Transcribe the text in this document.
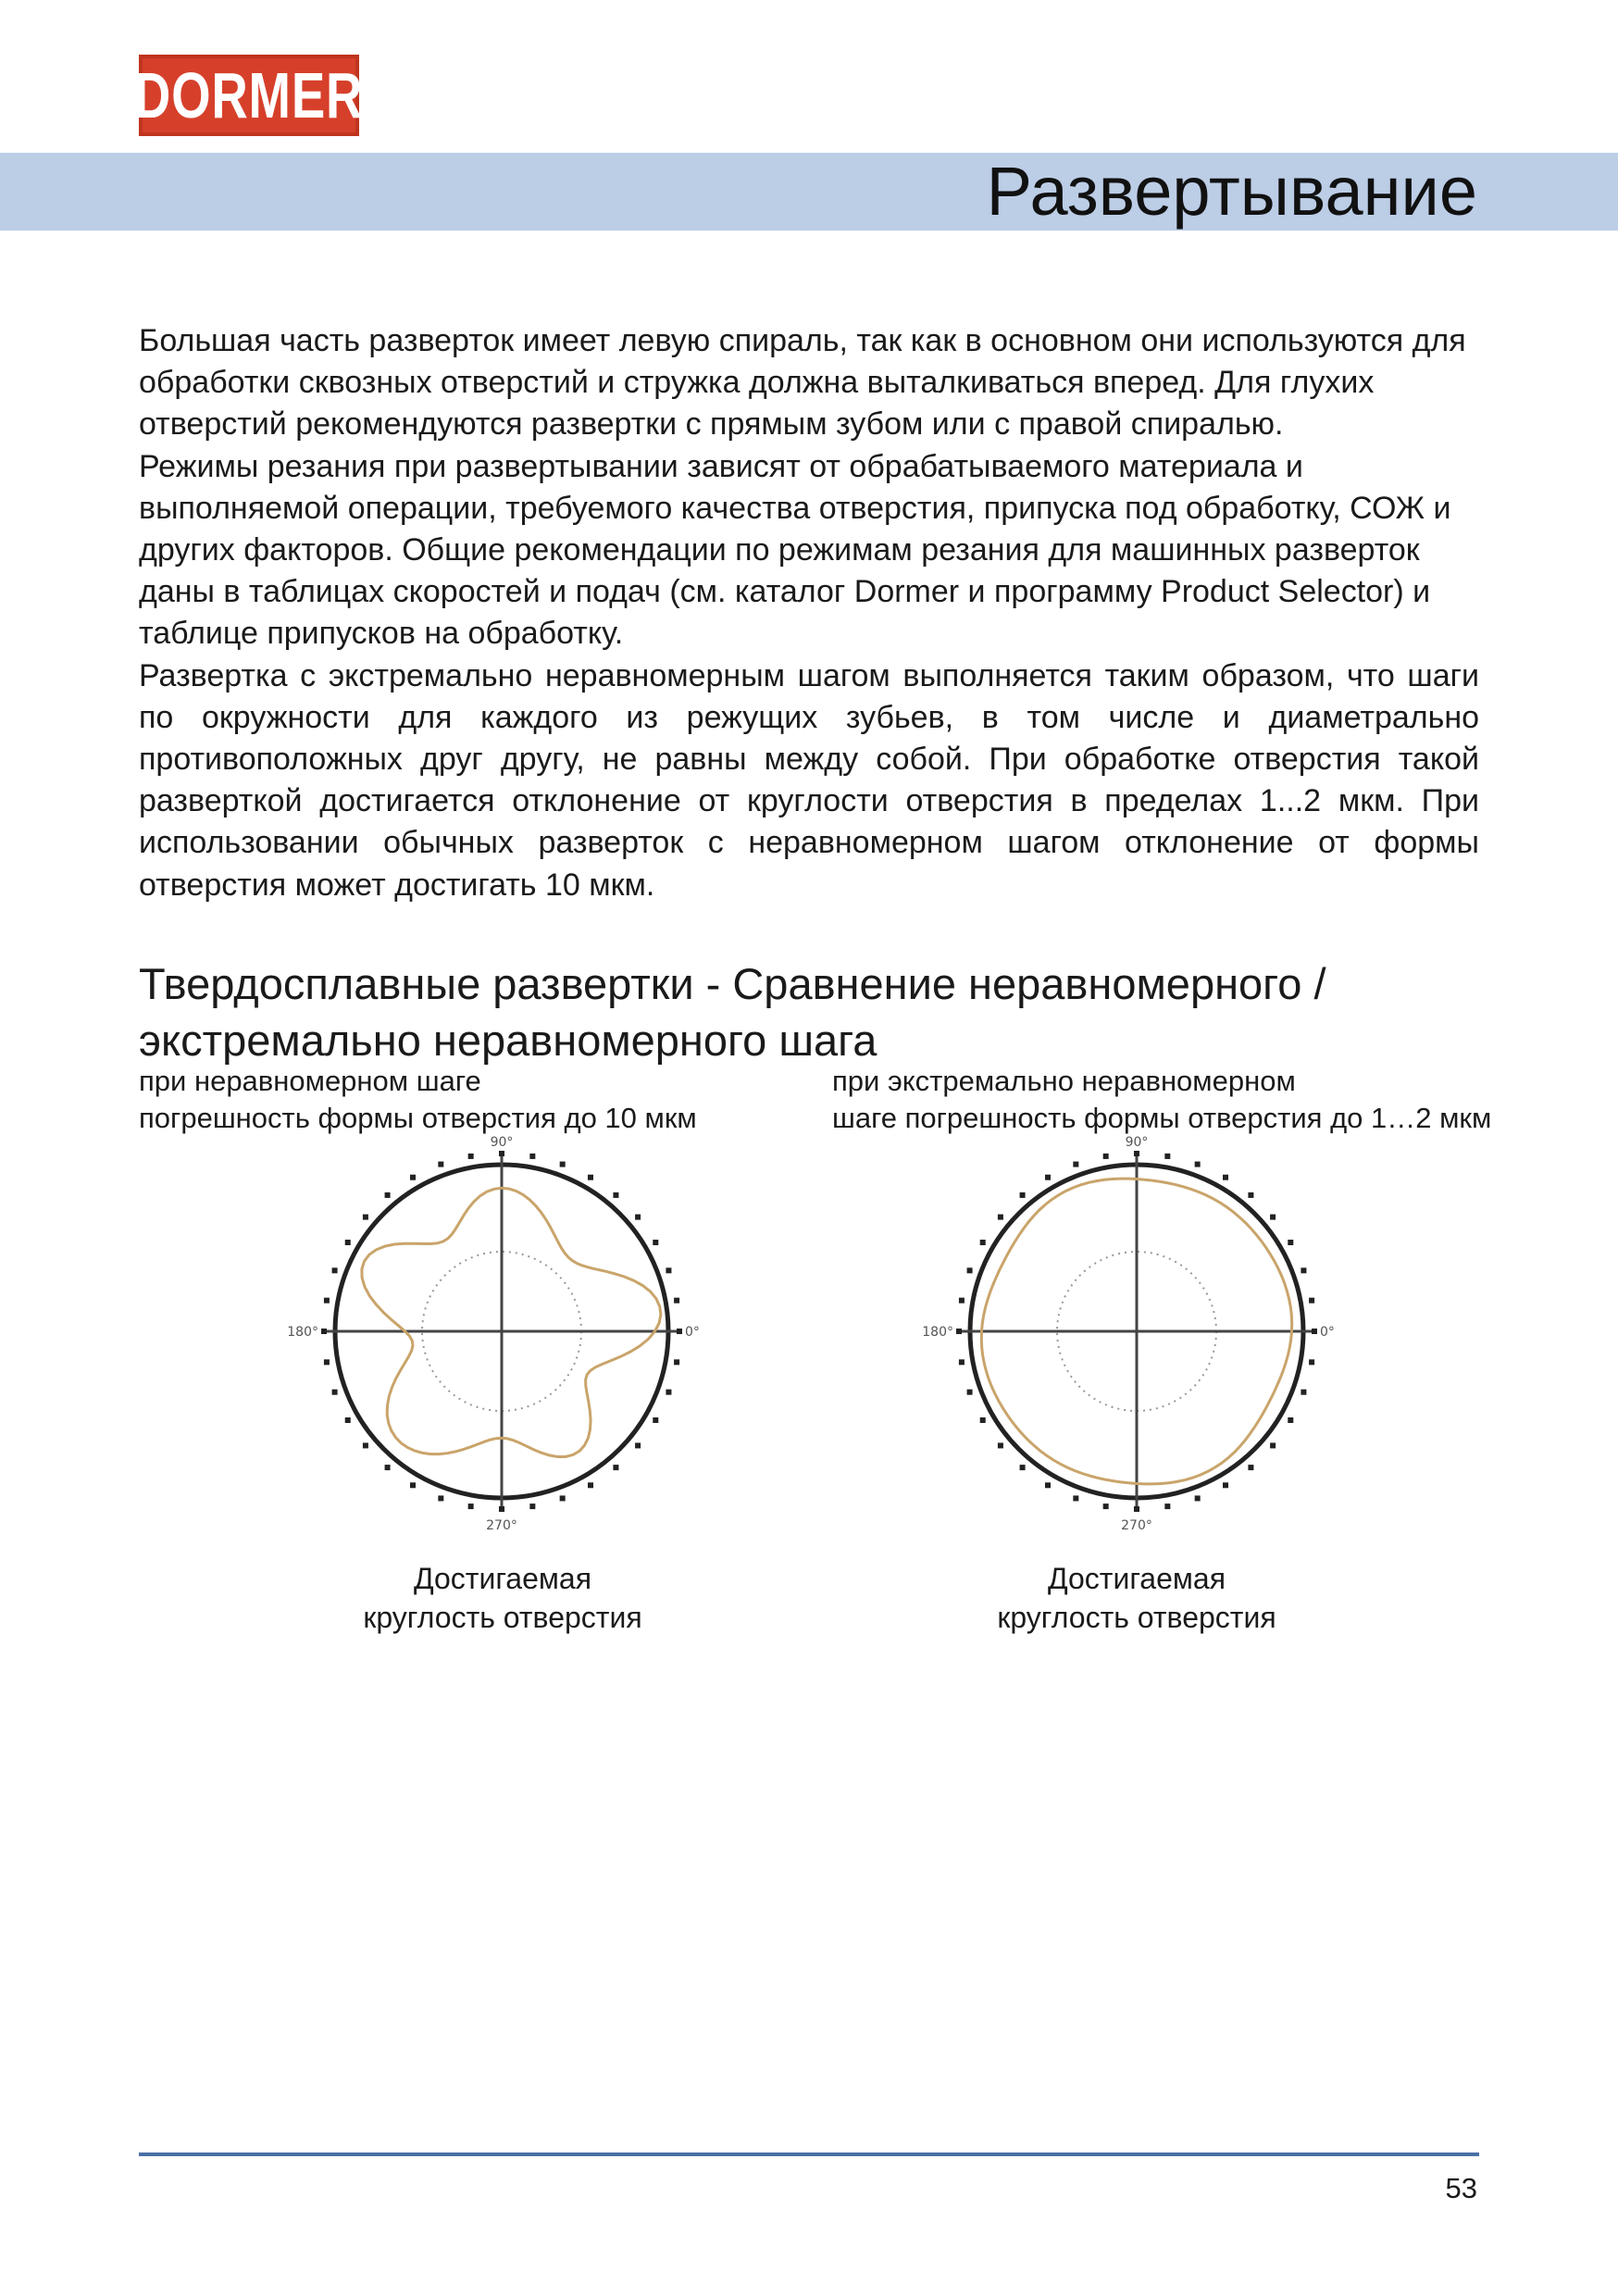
DORMER
Развертывание

Большая часть разверток имеет левую спираль, так как в основном они используются для обработки сквозных отверстий и стружка должна выталкиваться вперед. Для глухих отверстий рекомендуются развертки с прямым зубом или с правой спиралью.

Режимы резания при развертывании зависят от обрабатываемого материала и выполняемой операции, требуемого качества отверстия, припуска под обработку, СОЖ и других факторов. Общие рекомендации по режимам резания для машинных разверток даны в таблицах скоростей и подач (см. каталог Dormer и программу Product Selector) и таблице припусков на обработку.

Развертка с экстремально неравномерным шагом выполняется таким образом, что шаги по окружности для каждого из режущих зубьев, в том числе и диаметрально противоположных друг другу, не равны между собой. При обработке отверстия такой разверткой достигается отклонение от круглости отверстия в пределах 1...2 мкм. При использовании обычных разверток с неравномерном шагом отклонение от формы отверстия может достигать 10 мкм.

Твердосплавные развертки - Сравнение неравномерного /
экстремально неравномерного шага
при неравномерном шаге
погрешность формы отверстия до 10 мкм
при экстремально неравномерном
шаге погрешность формы отверстия до 1…2 мкм
90°
0°
270°
180°
90°
0°
270°
180°
Достигаемая
круглость отверстия
Достигаемая
круглость отверстия
53
